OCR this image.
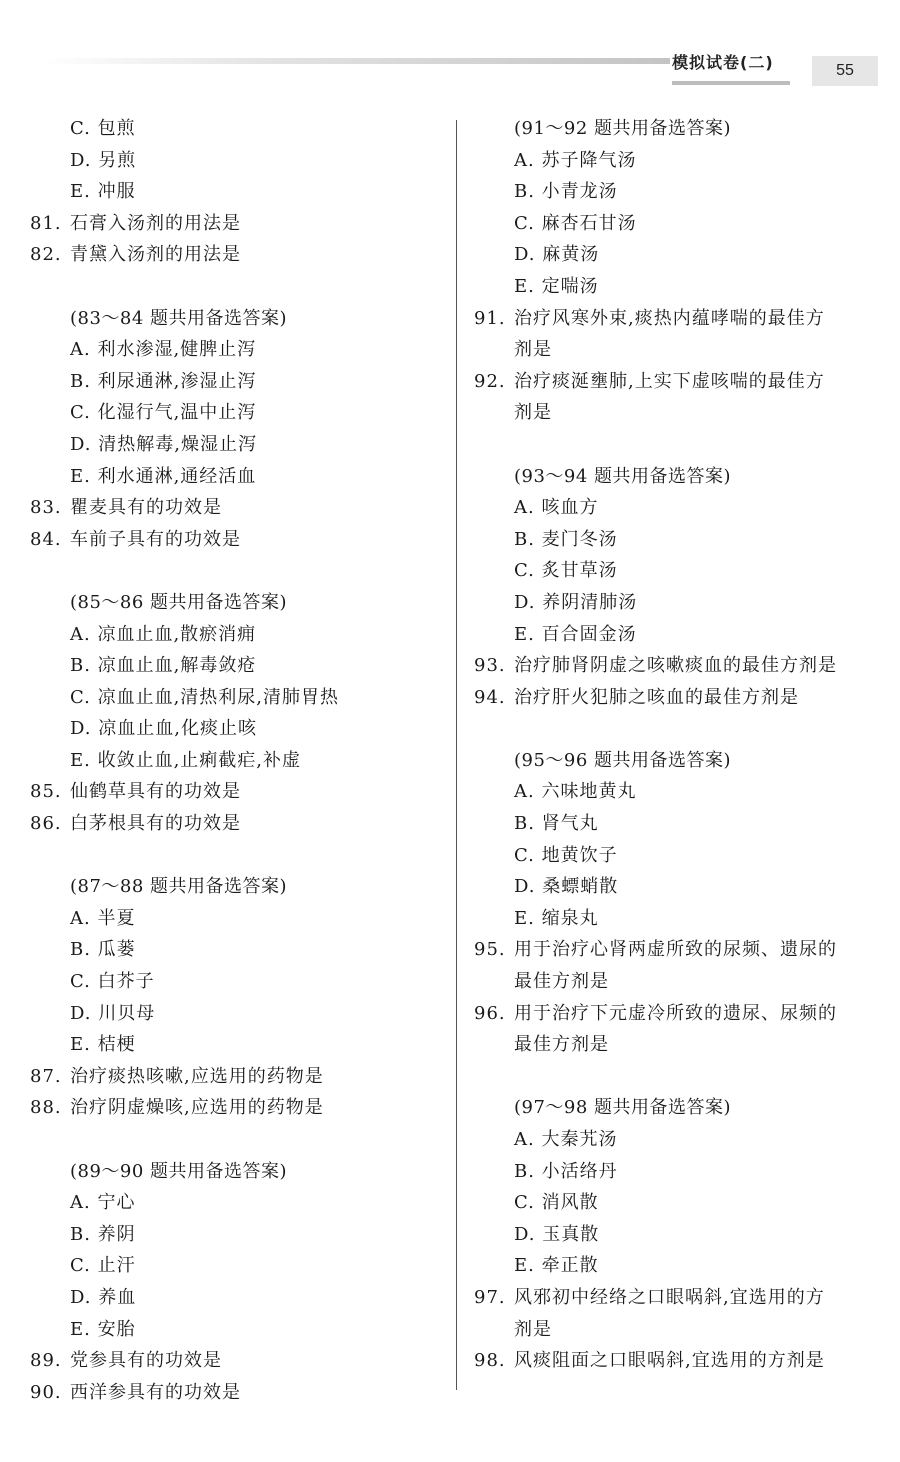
模拟试卷(二)	55
C. 包煎
D. 另煎
E. 冲服
81. 石膏入汤剂的用法是
82. 青黛入汤剂的用法是
(83～84 题共用备选答案)
A. 利水渗湿,健脾止泻
B. 利尿通淋,渗湿止泻
C. 化湿行气,温中止泻
D. 清热解毒,燥湿止泻
E. 利水通淋,通经活血
83. 瞿麦具有的功效是
84. 车前子具有的功效是
(85～86 题共用备选答案)
A. 凉血止血,散瘀消痈
B. 凉血止血,解毒敛疮
C. 凉血止血,清热利尿,清肺胃热
D. 凉血止血,化痰止咳
E. 收敛止血,止痢截疟,补虚
85. 仙鹤草具有的功效是
86. 白茅根具有的功效是
(87～88 题共用备选答案)
A. 半夏
B. 瓜蒌
C. 白芥子
D. 川贝母
E. 桔梗
87. 治疗痰热咳嗽,应选用的药物是
88. 治疗阴虚燥咳,应选用的药物是
(89～90 题共用备选答案)
A. 宁心
B. 养阴
C. 止汗
D. 养血
E. 安胎
89. 党参具有的功效是
90. 西洋参具有的功效是
(91～92 题共用备选答案)
A. 苏子降气汤
B. 小青龙汤
C. 麻杏石甘汤
D. 麻黄汤
E. 定喘汤
91. 治疗风寒外束,痰热内蕴哮喘的最佳方
剂是
92. 治疗痰涎壅肺,上实下虚咳喘的最佳方
剂是
(93～94 题共用备选答案)
A. 咳血方
B. 麦门冬汤
C. 炙甘草汤
D. 养阴清肺汤
E. 百合固金汤
93. 治疗肺肾阴虚之咳嗽痰血的最佳方剂是
94. 治疗肝火犯肺之咳血的最佳方剂是
(95～96 题共用备选答案)
A. 六味地黄丸
B. 肾气丸
C. 地黄饮子
D. 桑螵蛸散
E. 缩泉丸
95. 用于治疗心肾两虚所致的尿频、遗尿的
最佳方剂是
96. 用于治疗下元虚冷所致的遗尿、尿频的
最佳方剂是
(97～98 题共用备选答案)
A. 大秦艽汤
B. 小活络丹
C. 消风散
D. 玉真散
E. 牵正散
97. 风邪初中经络之口眼㖞斜,宜选用的方
剂是
98. 风痰阻面之口眼㖞斜,宜选用的方剂是
